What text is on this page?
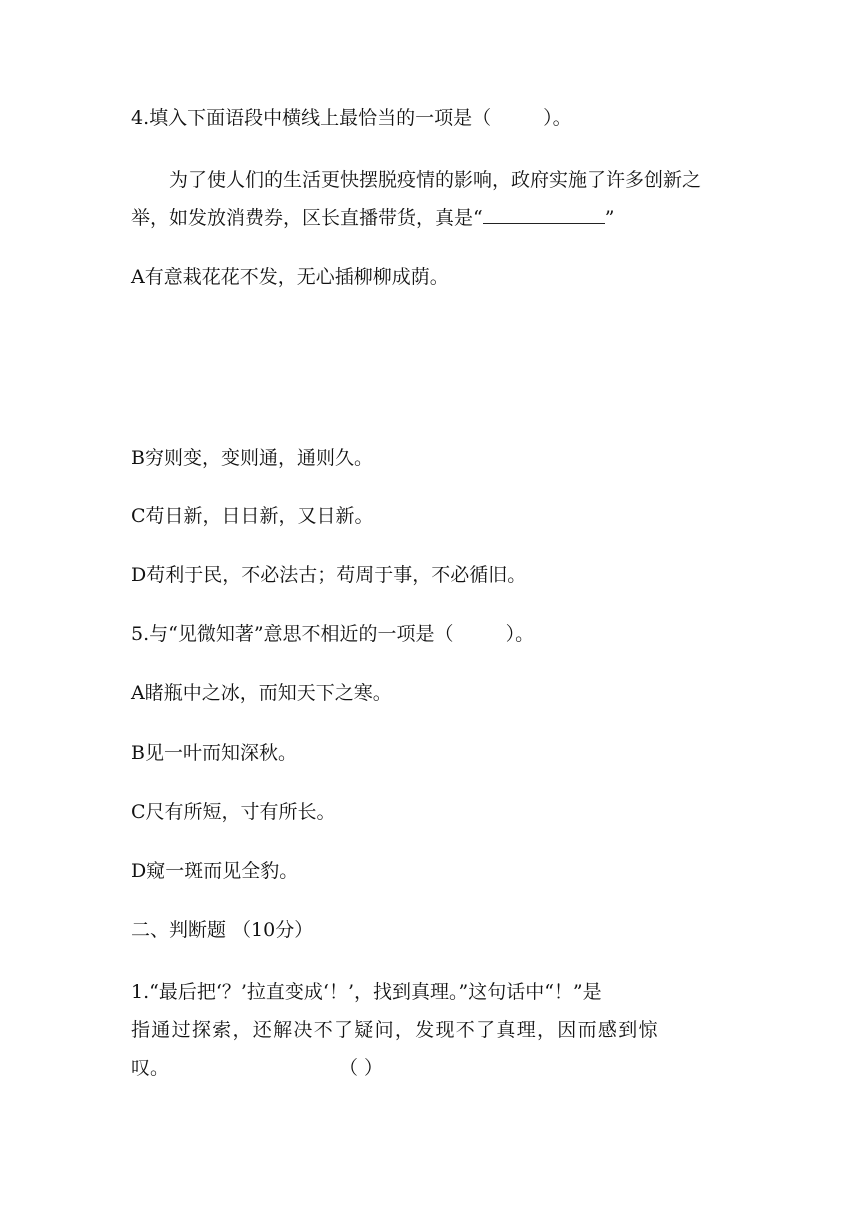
4.填入下面语段中横线上最恰当的一项是（	）。
为了使人们的生活更快摆脱疫情的影响，政府实施了许多创新之
举，如发放消费券，区长直播带货，真是“	”
A有意栽花花不发，无心插柳柳成荫。
B穷则变，变则通，通则久。
C苟日新，日日新，又日新。
D苟利于民，不必法古；苟周于事，不必循旧。
5.与“见微知著”意思不相近的一项是（	）。
A睹瓶中之冰，而知天下之寒。
B见一叶而知深秋。
C尺有所短，寸有所长。
D窥一斑而见全豹。
二、判断题 （10分）
1.“最后把‘？’拉直变成‘！’，找到真理。”这句话中“！”是
指通过探索，还解决不了疑问，发现不了真理，因而感到惊
叹。	（ ）
